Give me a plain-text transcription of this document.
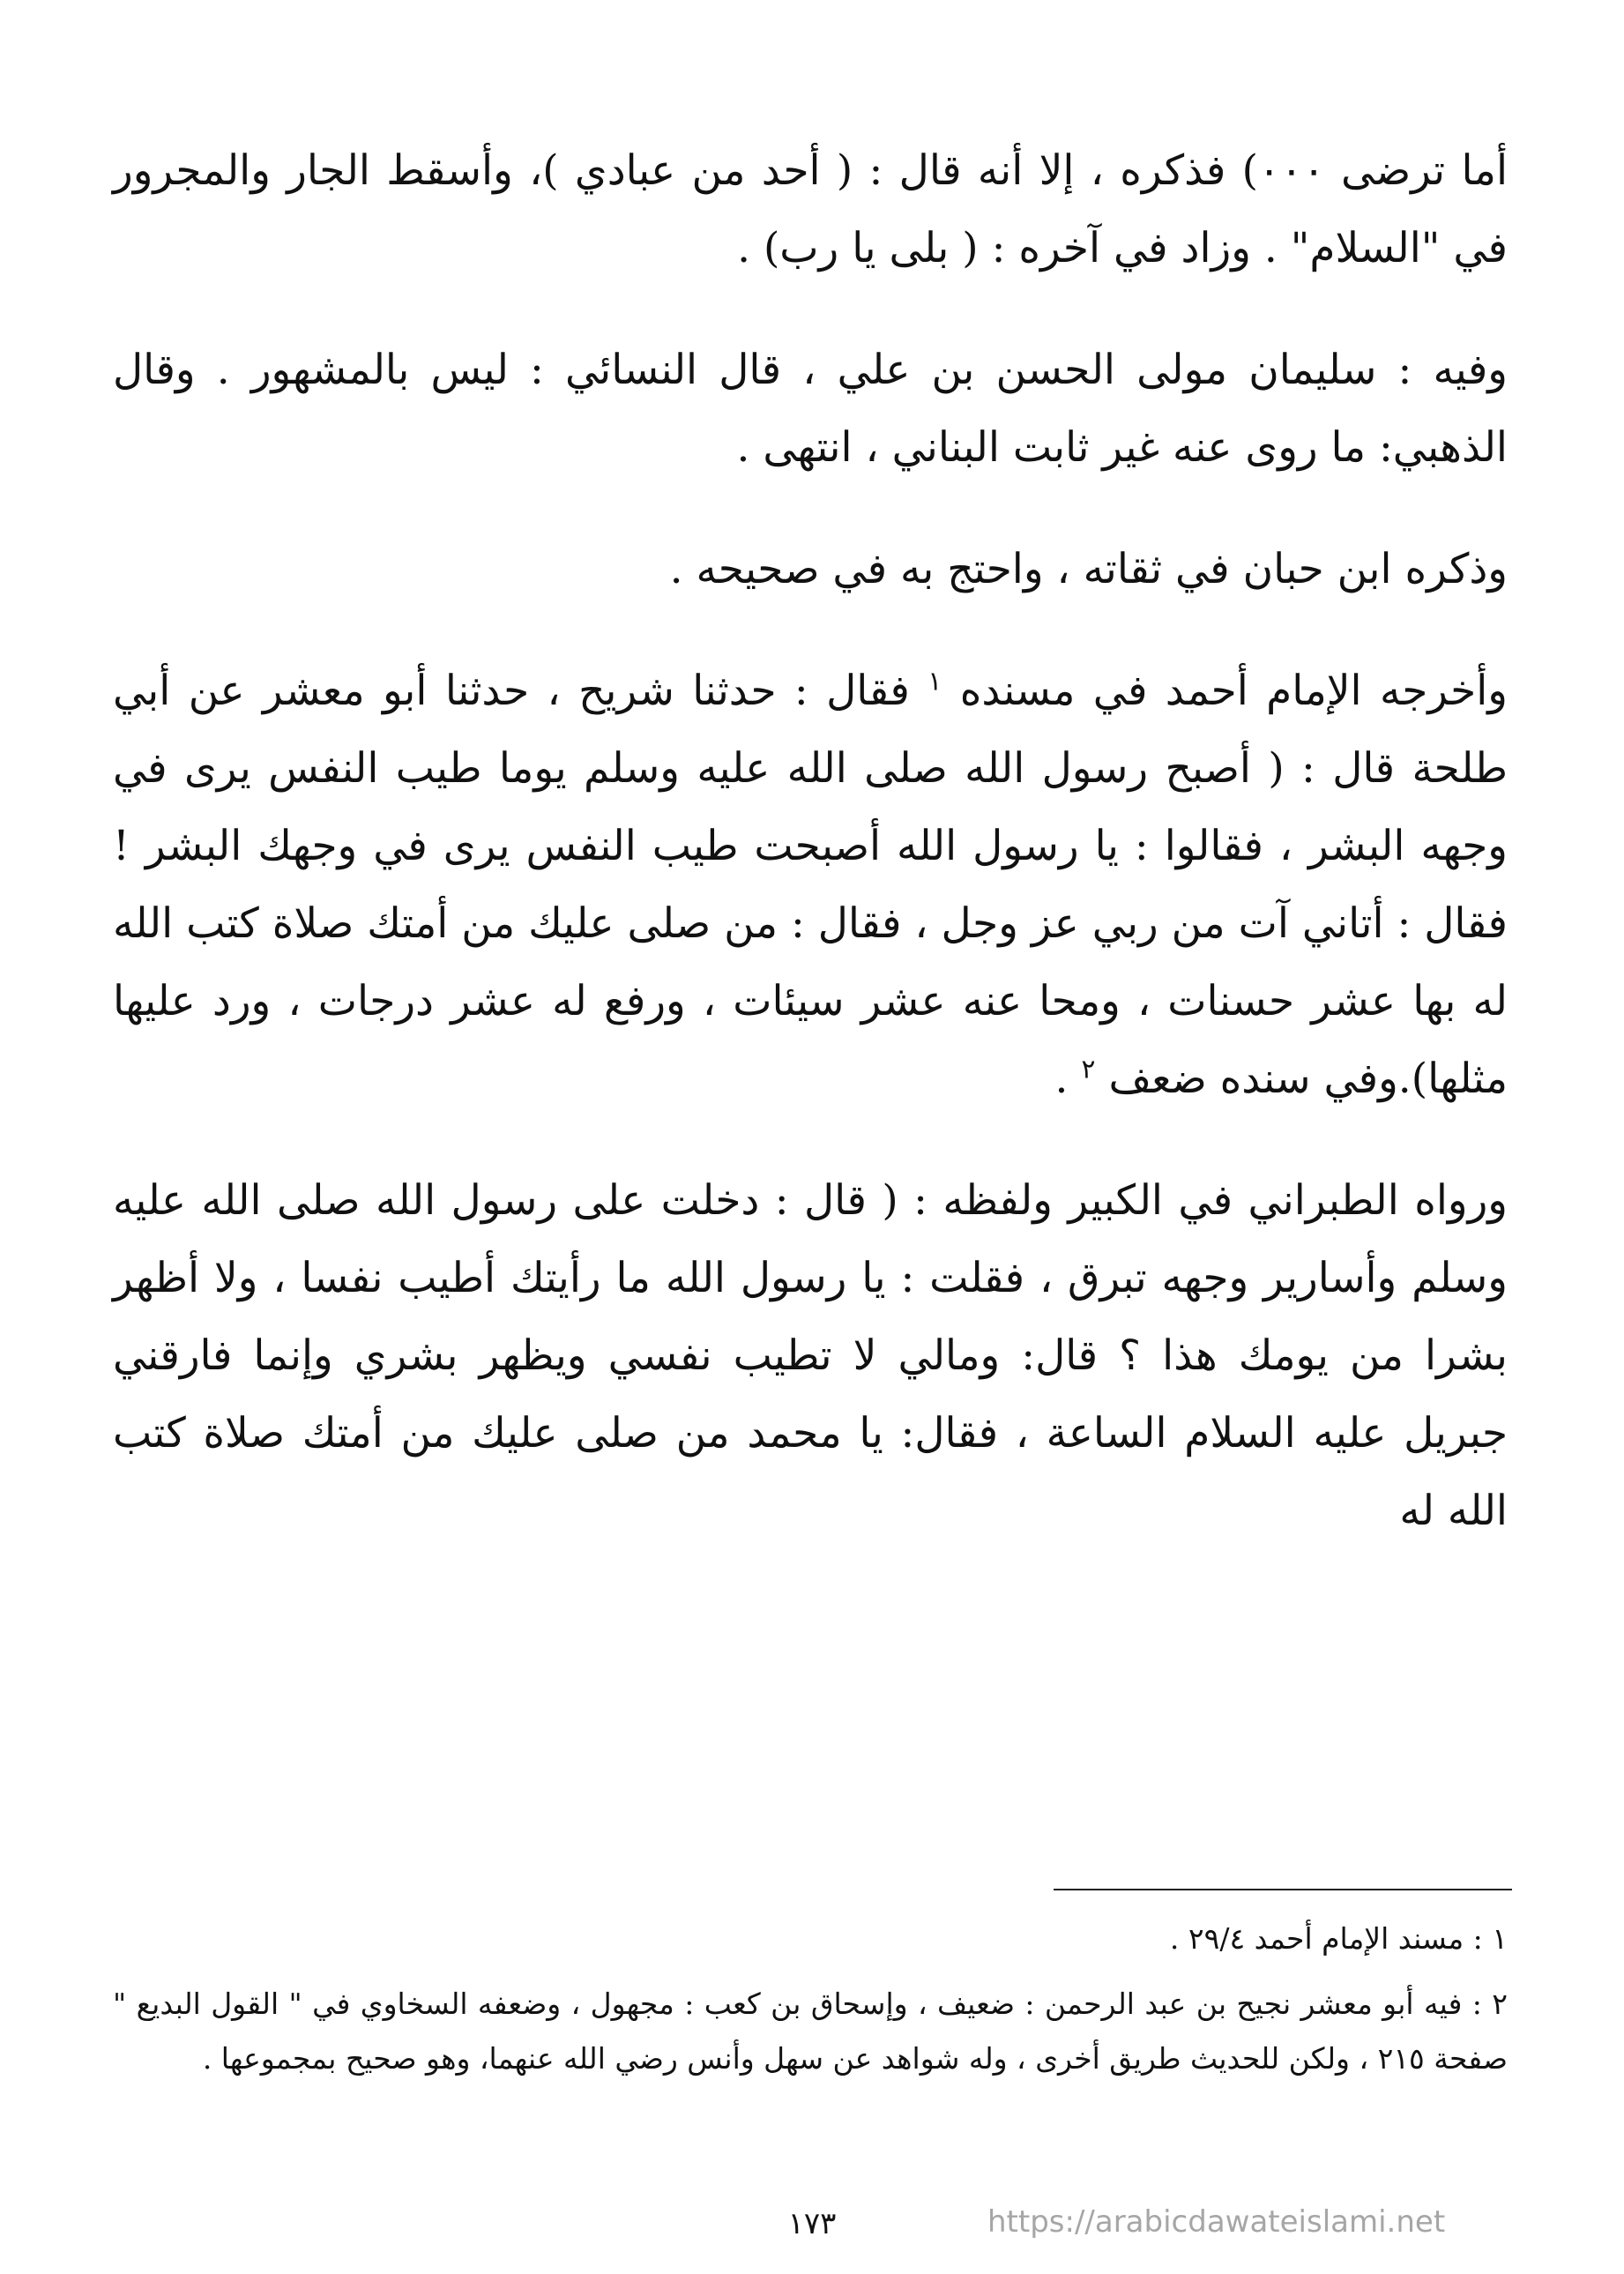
أما ترضى ٠٠٠) فذكره ، إلا أنه قال : ( أحد من عبادي )، وأسقط الجار والمجرور في "السلام" . وزاد في آخره : ( بلى يا رب) .

وفيه : سليمان مولى الحسن بن علي ، قال النسائي : ليس بالمشهور . وقال الذهبي: ما روى عنه غير ثابت البناني ، انتهى .

وذكره ابن حبان في ثقاته ، واحتج به في صحيحه .

وأخرجه الإمام أحمد في مسنده $^١$ فقال : حدثنا شريح ، حدثنا أبو معشر عن أبي طلحة قال : ( أصبح رسول الله صلى الله عليه وسلم يوما طيب النفس يرى في وجهه البشر ، فقالوا : يا رسول الله أصبحت طيب النفس يرى في وجهك البشر ! فقال : أتاني آت من ربي عز وجل ، فقال : من صلى عليك من أمتك صلاة كتب الله له بها عشر حسنات ، ومحا عنه عشر سيئات ، ورفع له عشر درجات ، ورد عليها مثلها).وفي سنده ضعف $^٢$ .

ورواه الطبراني في الكبير ولفظه : ( قال : دخلت على رسول الله صلى الله عليه وسلم وأسارير وجهه تبرق ، فقلت : يا رسول الله ما رأيتك أطيب نفسا ، ولا أظهر بشرا من يومك هذا ؟ قال: ومالي لا تطيب نفسي ويظهر بشري وإنما فارقني جبريل عليه السلام الساعة ، فقال: يا محمد من صلى عليك من أمتك صلاة كتب الله له

١ : مسند الإمام أحمد ٢٩/٤ .

٢ : فيه أبو معشر نجيح بن عبد الرحمن : ضعيف ، وإسحاق بن كعب : مجهول ، وضعفه السخاوي في " القول البديع " صفحة ٢١٥ ، ولكن للحديث طريق أخرى ، وله شواهد عن سهل وأنس رضي الله عنهما، وهو صحيح بمجموعها .

١٧٣	https://arabicdawateislami.net
